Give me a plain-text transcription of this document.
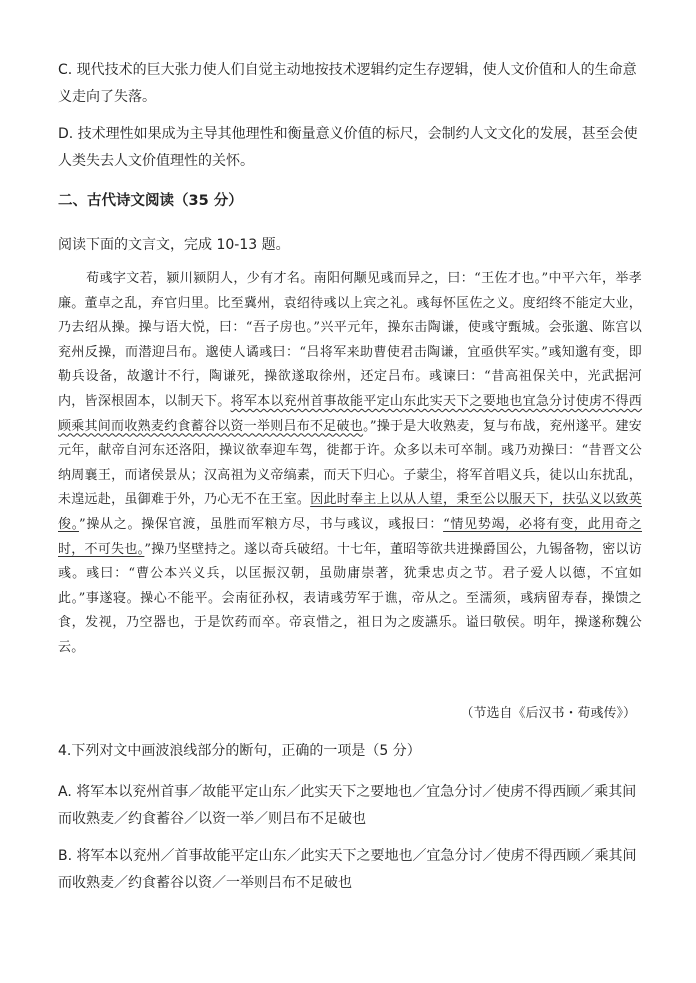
C. 现代技术的巨大张力使人们自觉主动地按技术逻辑约定生存逻辑，使人文价值和人的生命意义走向了失落。

D. 技术理性如果成为主导其他理性和衡量意义价值的标尺，会制约人文文化的发展，甚至会使人类失去人文价值理性的关怀。

二、古代诗文阅读（35 分）

阅读下面的文言文，完成 10-13 题。

荀彧字文若，颍川颍阴人，少有才名。南阳何颙见彧而异之，曰：“王佐才也。”中平六年，举孝廉。董卓之乱，弃官归里。比至冀州，袁绍待彧以上宾之礼。彧每怀匡佐之义。度绍终不能定大业，乃去绍从操。操与语大悦，曰：“吾子房也。”兴平元年，操东击陶谦，使彧守甄城。会张邈、陈宫以兖州反操，而潜迎吕布。邈使人谲彧曰：“吕将军来助曹使君击陶谦，宜亟供军实。”彧知邈有变，即勒兵设备，故邈计不行，陶谦死，操欲遂取徐州，还定吕布。彧谏曰：“昔高祖保关中，光武据河内，皆深根固本，以制天下。将军本以兖州首事故能平定山东此实天下之要地也宜急分讨使虏不得西顾乘其间而收熟麦约食蓄谷以资一举则吕布不足破也。”操于是大收熟麦，复与布战，兖州遂平。建安元年，献帝自河东还洛阳，操议欲奉迎车驾，徙都于许。众多以未可卒制。彧乃劝操曰：“昔晋文公纳周襄王，而诸侯景从；汉高祖为义帝缟素，而天下归心。子蒙尘，将军首唱义兵，徒以山东扰乱，未遑远赴，虽御难于外，乃心无不在王室。因此时奉主上以从人望，秉至公以服天下，扶弘义以致英俊。”操从之。操保官渡，虽胜而军粮方尽，书与彧议，彧报曰：“情见势竭，必将有变，此用奇之时，不可失也。”操乃坚壁持之。遂以奇兵破绍。十七年，董昭等欲共进操爵国公，九锡备物，密以访彧。彧曰：“曹公本兴义兵，以匡振汉朝，虽勋庸崇著，犹秉忠贞之节。君子爱人以德，不宜如此。”事遂寝。操心不能平。会南征孙权，表请彧劳军于谯，帝从之。至濡须，彧病留寿春，操馈之食，发视，乃空器也，于是饮药而卒。帝哀惜之，祖日为之废讌乐。谥曰敬侯。明年，操遂称魏公云。

（节选自《后汉书・荀彧传》）

4.下列对文中画波浪线部分的断句，正确的一项是（5 分）

A. 将军本以兖州首事／故能平定山东／此实天下之要地也／宜急分讨／使虏不得西顾／乘其间而收熟麦／约食蓄谷／以资一举／则吕布不足破也

B. 将军本以兖州／首事故能平定山东／此实天下之要地也／宜急分讨／使虏不得西顾／乘其间而收熟麦／约食蓄谷以资／一举则吕布不足破也
